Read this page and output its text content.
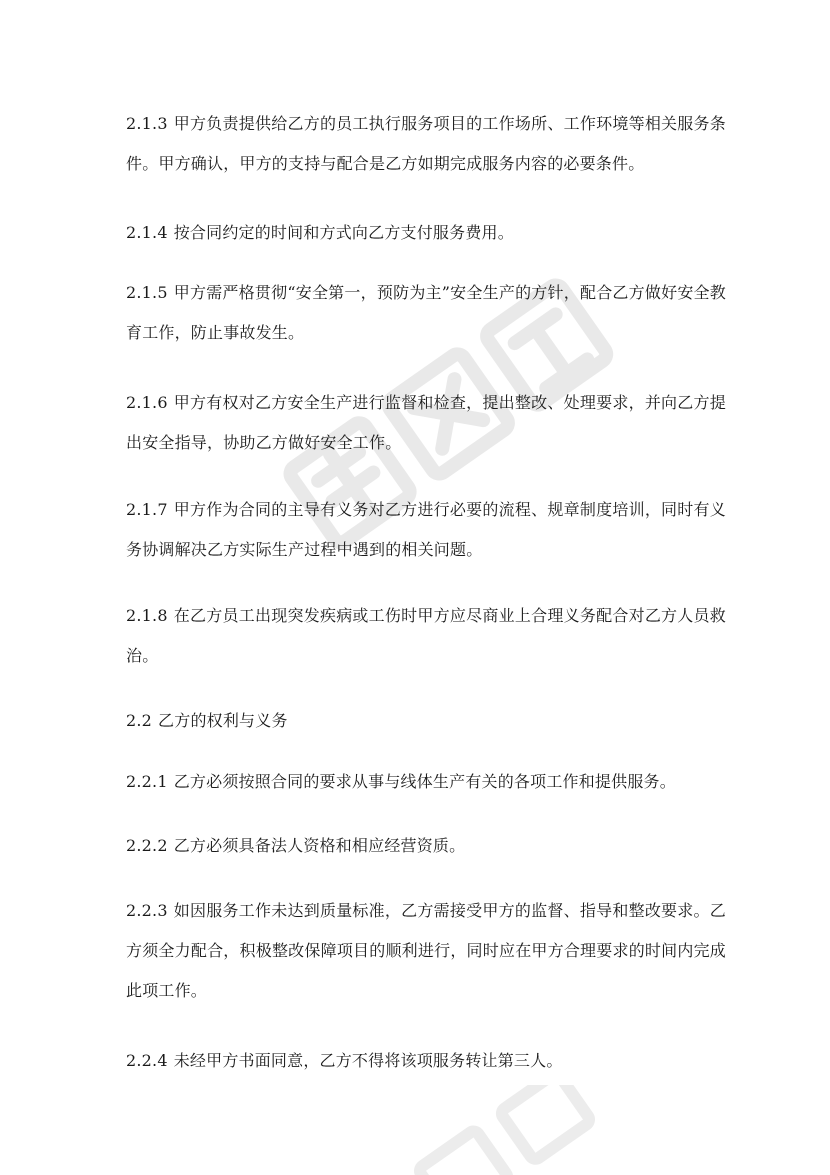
2.1.3 甲方负责提供给乙方的员工执行服务项目的工作场所、工作环境等相关服务条件。甲方确认，甲方的支持与配合是乙方如期完成服务内容的必要条件。

2.1.4 按合同约定的时间和方式向乙方支付服务费用。

2.1.5 甲方需严格贯彻“安全第一，预防为主”安全生产的方针，配合乙方做好安全教育工作，防止事故发生。

2.1.6 甲方有权对乙方安全生产进行监督和检查，提出整改、处理要求，并向乙方提出安全指导，协助乙方做好安全工作。

2.1.7 甲方作为合同的主导有义务对乙方进行必要的流程、规章制度培训，同时有义务协调解决乙方实际生产过程中遇到的相关问题。

2.1.8 在乙方员工出现突发疾病或工伤时甲方应尽商业上合理义务配合对乙方人员救治。

2.2 乙方的权利与义务

2.2.1 乙方必须按照合同的要求从事与线体生产有关的各项工作和提供服务。

2.2.2 乙方必须具备法人资格和相应经营资质。

2.2.3 如因服务工作未达到质量标准，乙方需接受甲方的监督、指导和整改要求。乙方须全力配合，积极整改保障项目的顺利进行，同时应在甲方合理要求的时间内完成此项工作。

2.2.4 未经甲方书面同意，乙方不得将该项服务转让第三人。
